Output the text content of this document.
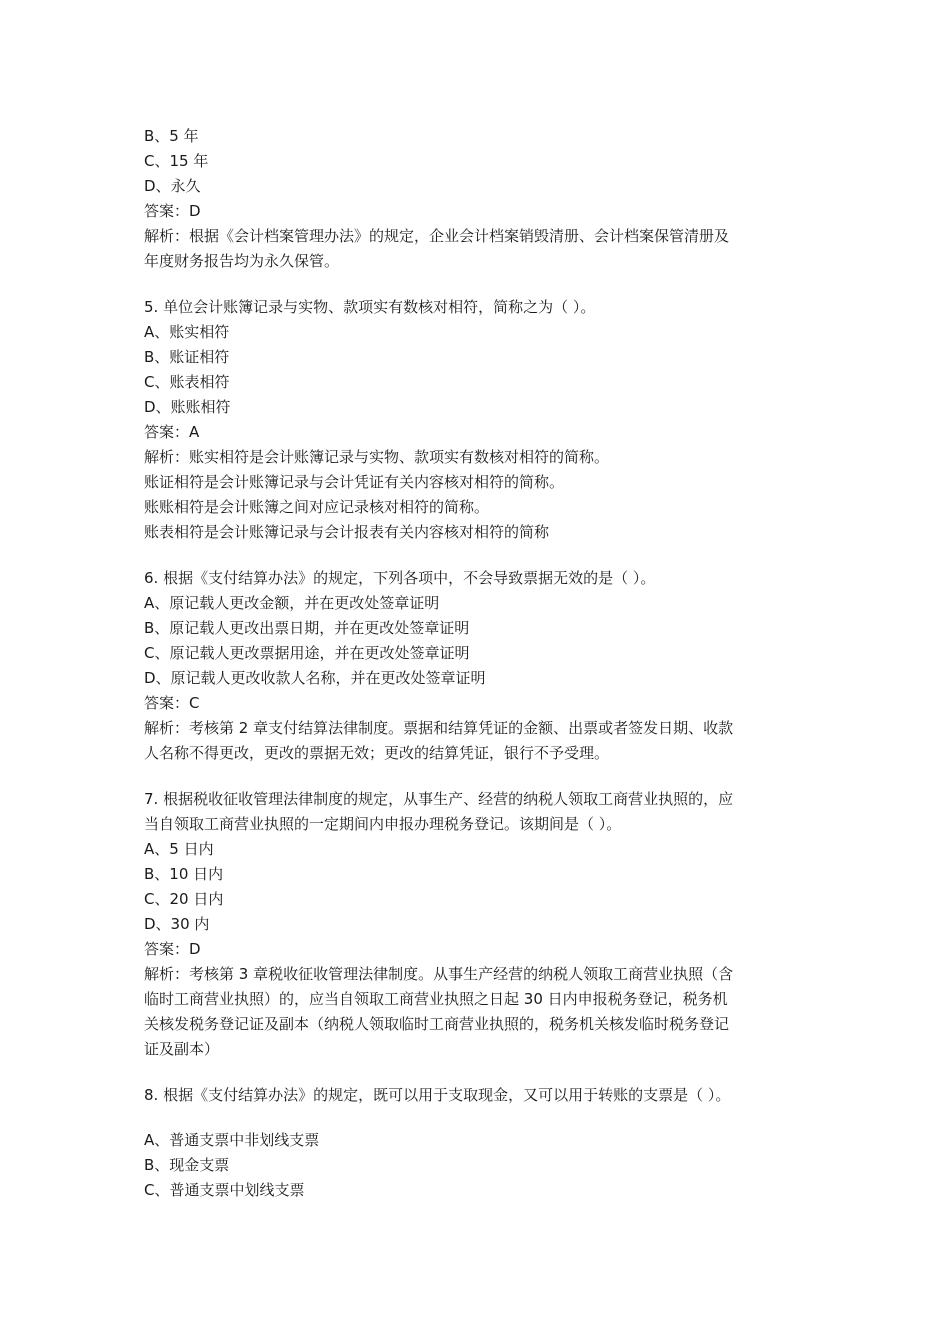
B、5 年
C、15 年
D、永久
答案：D
解析：根据《会计档案管理办法》的规定，企业会计档案销毁清册、会计档案保管清册及
年度财务报告均为永久保管。
5. 单位会计账簿记录与实物、款项实有数核对相符，简称之为（ ）。
A、账实相符
B、账证相符
C、账表相符
D、账账相符
答案：A
解析：账实相符是会计账簿记录与实物、款项实有数核对相符的简称。
账证相符是会计账簿记录与会计凭证有关内容核对相符的简称。
账账相符是会计账簿之间对应记录核对相符的简称。
账表相符是会计账簿记录与会计报表有关内容核对相符的简称
6. 根据《支付结算办法》的规定，下列各项中，不会导致票据无效的是（ ）。
A、原记载人更改金额，并在更改处签章证明
B、原记载人更改出票日期，并在更改处签章证明
C、原记载人更改票据用途，并在更改处签章证明
D、原记载人更改收款人名称，并在更改处签章证明
答案：C
解析：考核第 2 章支付结算法律制度。票据和结算凭证的金额、出票或者签发日期、收款
人名称不得更改，更改的票据无效；更改的结算凭证，银行不予受理。
7. 根据税收征收管理法律制度的规定，从事生产、经营的纳税人领取工商营业执照的，应
当自领取工商营业执照的一定期间内申报办理税务登记。该期间是（ ）。
A、5 日内
B、10 日内
C、20 日内
D、30 内
答案：D
解析：考核第 3 章税收征收管理法律制度。从事生产经营的纳税人领取工商营业执照（含
临时工商营业执照）的，应当自领取工商营业执照之日起 30 日内申报税务登记，税务机
关核发税务登记证及副本（纳税人领取临时工商营业执照的，税务机关核发临时税务登记
证及副本）
8. 根据《支付结算办法》的规定，既可以用于支取现金，又可以用于转账的支票是（ ）。
A、普通支票中非划线支票
B、现金支票
C、普通支票中划线支票
